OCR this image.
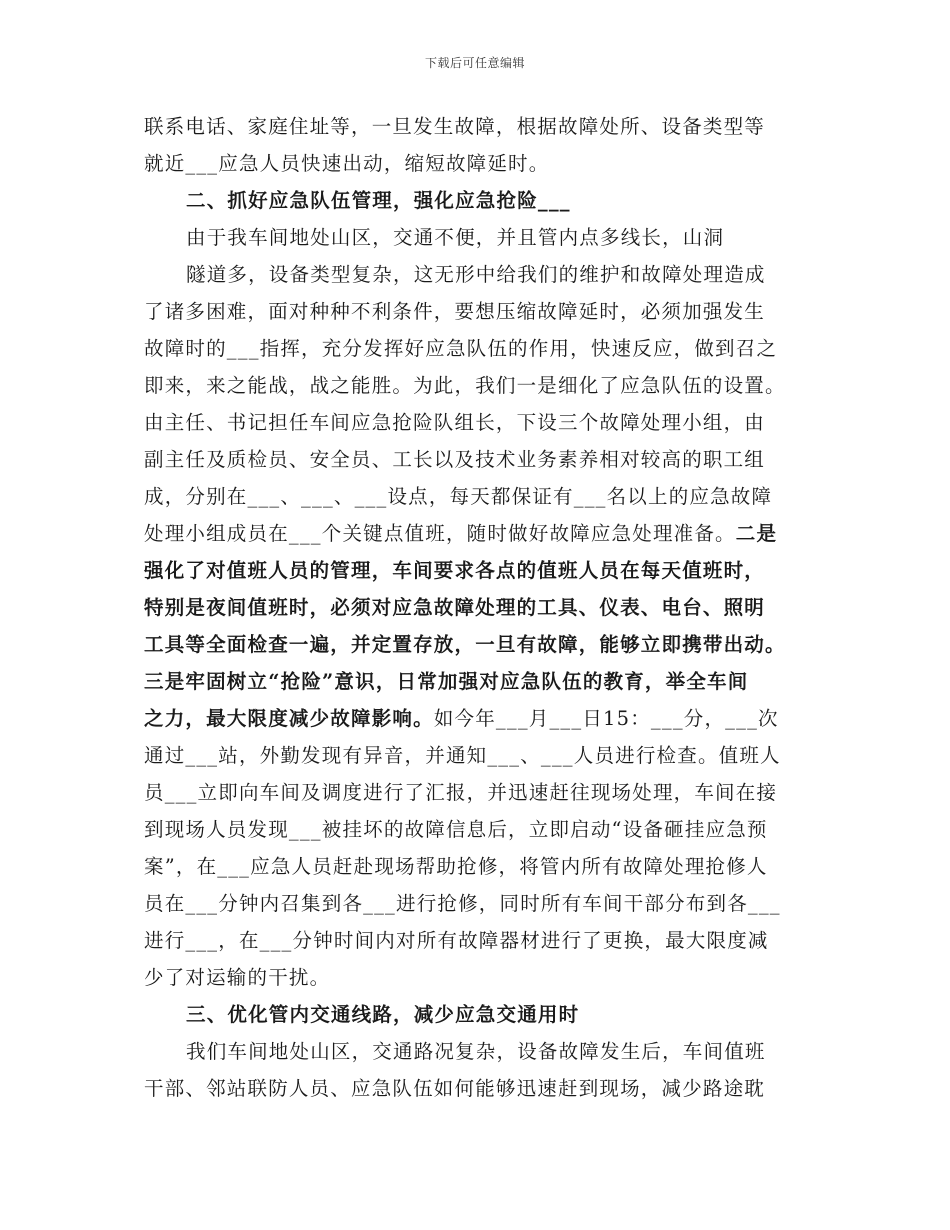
下载后可任意编辑
联系电话、家庭住址等，一旦发生故障，根据故障处所、设备类型等
就近___应急人员快速出动，缩短故障延时。
二、抓好应急队伍管理，强化应急抢险___
由于我车间地处山区，交通不便，并且管内点多线长，山洞
隧道多，设备类型复杂，这无形中给我们的维护和故障处理造成
了诸多困难，面对种种不利条件，要想压缩故障延时，必须加强发生
故障时的___指挥，充分发挥好应急队伍的作用，快速反应，做到召之
即来，来之能战，战之能胜。为此，我们一是细化了应急队伍的设置。
由主任、书记担任车间应急抢险队组长，下设三个故障处理小组，由
副主任及质检员、安全员、工长以及技术业务素养相对较高的职工组
成，分别在___、___、___设点，每天都保证有___名以上的应急故障
处理小组成员在___个关键点值班，随时做好故障应急处理准备。二是
强化了对值班人员的管理，车间要求各点的值班人员在每天值班时，
特别是夜间值班时，必须对应急故障处理的工具、仪表、电台、照明
工具等全面检查一遍，并定置存放，一旦有故障，能够立即携带出动。
三是牢固树立“抢险”意识，日常加强对应急队伍的教育，举全车间
之力，最大限度减少故障影响。如今年___月___日15：___分，___次
通过___站，外勤发现有异音，并通知___、___人员进行检查。值班人
员___立即向车间及调度进行了汇报，并迅速赶往现场处理，车间在接
到现场人员发现___被挂坏的故障信息后，立即启动“设备砸挂应急预
案”，在___应急人员赶赴现场帮助抢修，将管内所有故障处理抢修人
员在___分钟内召集到各___进行抢修，同时所有车间干部分布到各___
进行___，在___分钟时间内对所有故障器材进行了更换，最大限度减
少了对运输的干扰。
三、优化管内交通线路，减少应急交通用时
我们车间地处山区，交通路况复杂，设备故障发生后，车间值班
干部、邻站联防人员、应急队伍如何能够迅速赶到现场，减少路途耽
